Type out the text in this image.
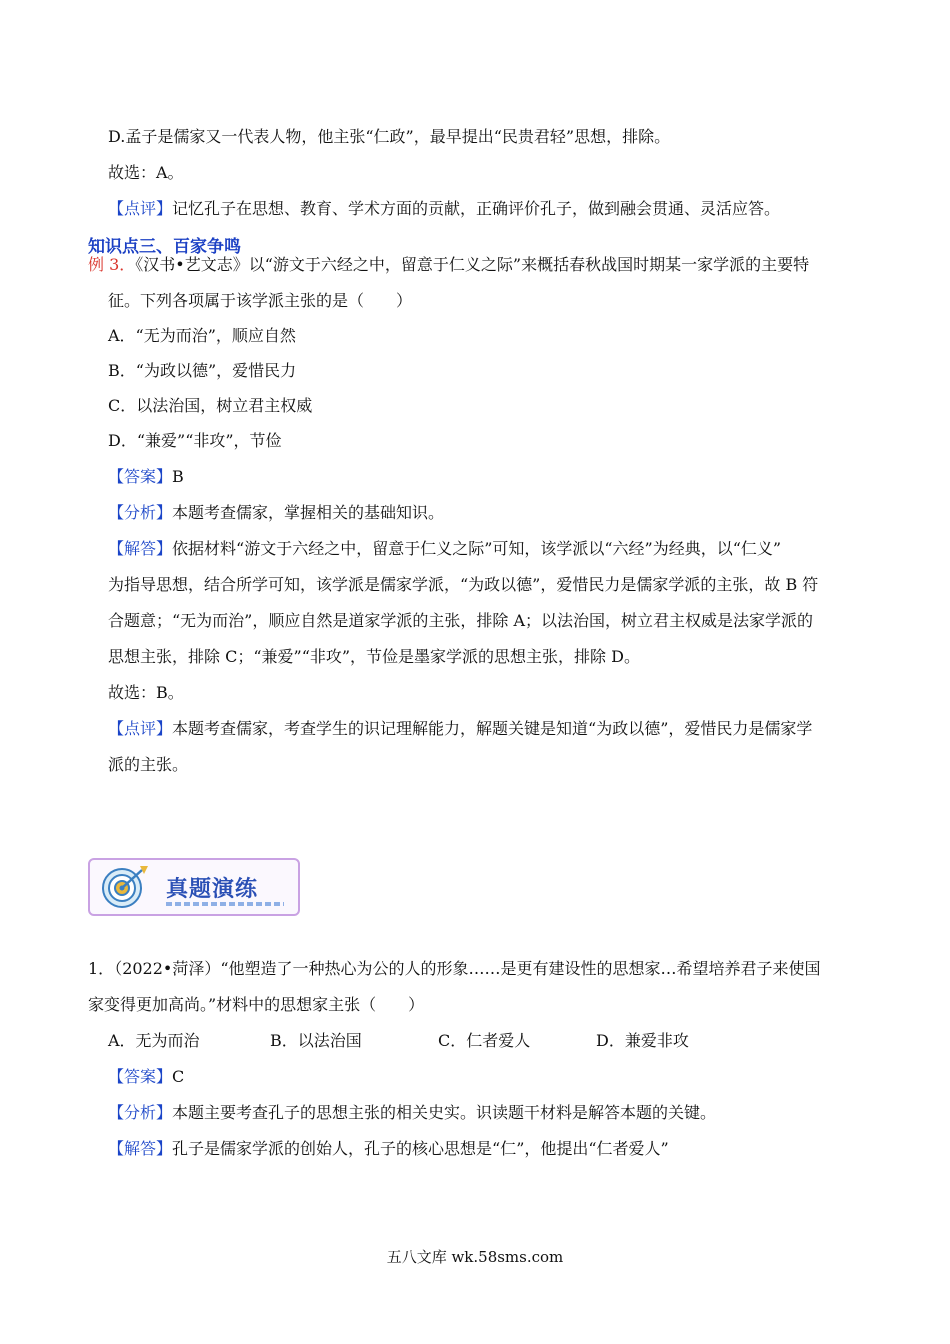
D.孟子是儒家又一代表人物，他主张“仁政”，最早提出“民贵君轻”思想，排除。
故选：A。
【点评】记忆孔子在思想、教育、学术方面的贡献，正确评价孔子，做到融会贯通、灵活应答。
知识点三、百家争鸣
例 3．《汉书•艺文志》以“游文于六经之中，留意于仁义之际”来概括春秋战国时期某一家学派的主要特
征。下列各项属于该学派主张的是（　　）
A．“无为而治”，顺应自然
B．“为政以德”，爱惜民力
C．以法治国，树立君主权威
D．“兼爱”“非攻”，节俭
【答案】B
【分析】本题考查儒家，掌握相关的基础知识。
【解答】依据材料“游文于六经之中，留意于仁义之际”可知，该学派以“六经”为经典，以“仁义”
为指导思想，结合所学可知，该学派是儒家学派，“为政以德”，爱惜民力是儒家学派的主张，故 B 符
合题意；“无为而治”，顺应自然是道家学派的主张，排除 A；以法治国，树立君主权威是法家学派的
思想主张，排除 C；“兼爱”“非攻”，节俭是墨家学派的思想主张，排除 D。
故选：B。
【点评】本题考查儒家，考查学生的识记理解能力，解题关键是知道“为政以德”，爱惜民力是儒家学
派的主张。
真题演练
1．（2022•菏泽）“他塑造了一种热心为公的人的形象……是更有建设性的思想家…希望培养君子来使国
家变得更加高尚。”材料中的思想家主张（　　）
A．无为而治	B．以法治国	C．仁者爱人	D．兼爱非攻
【答案】C
【分析】本题主要考查孔子的思想主张的相关史实。识读题干材料是解答本题的关键。
【解答】孔子是儒家学派的创始人，孔子的核心思想是“仁”，他提出“仁者爱人”
五八文库 wk.58sms.com
